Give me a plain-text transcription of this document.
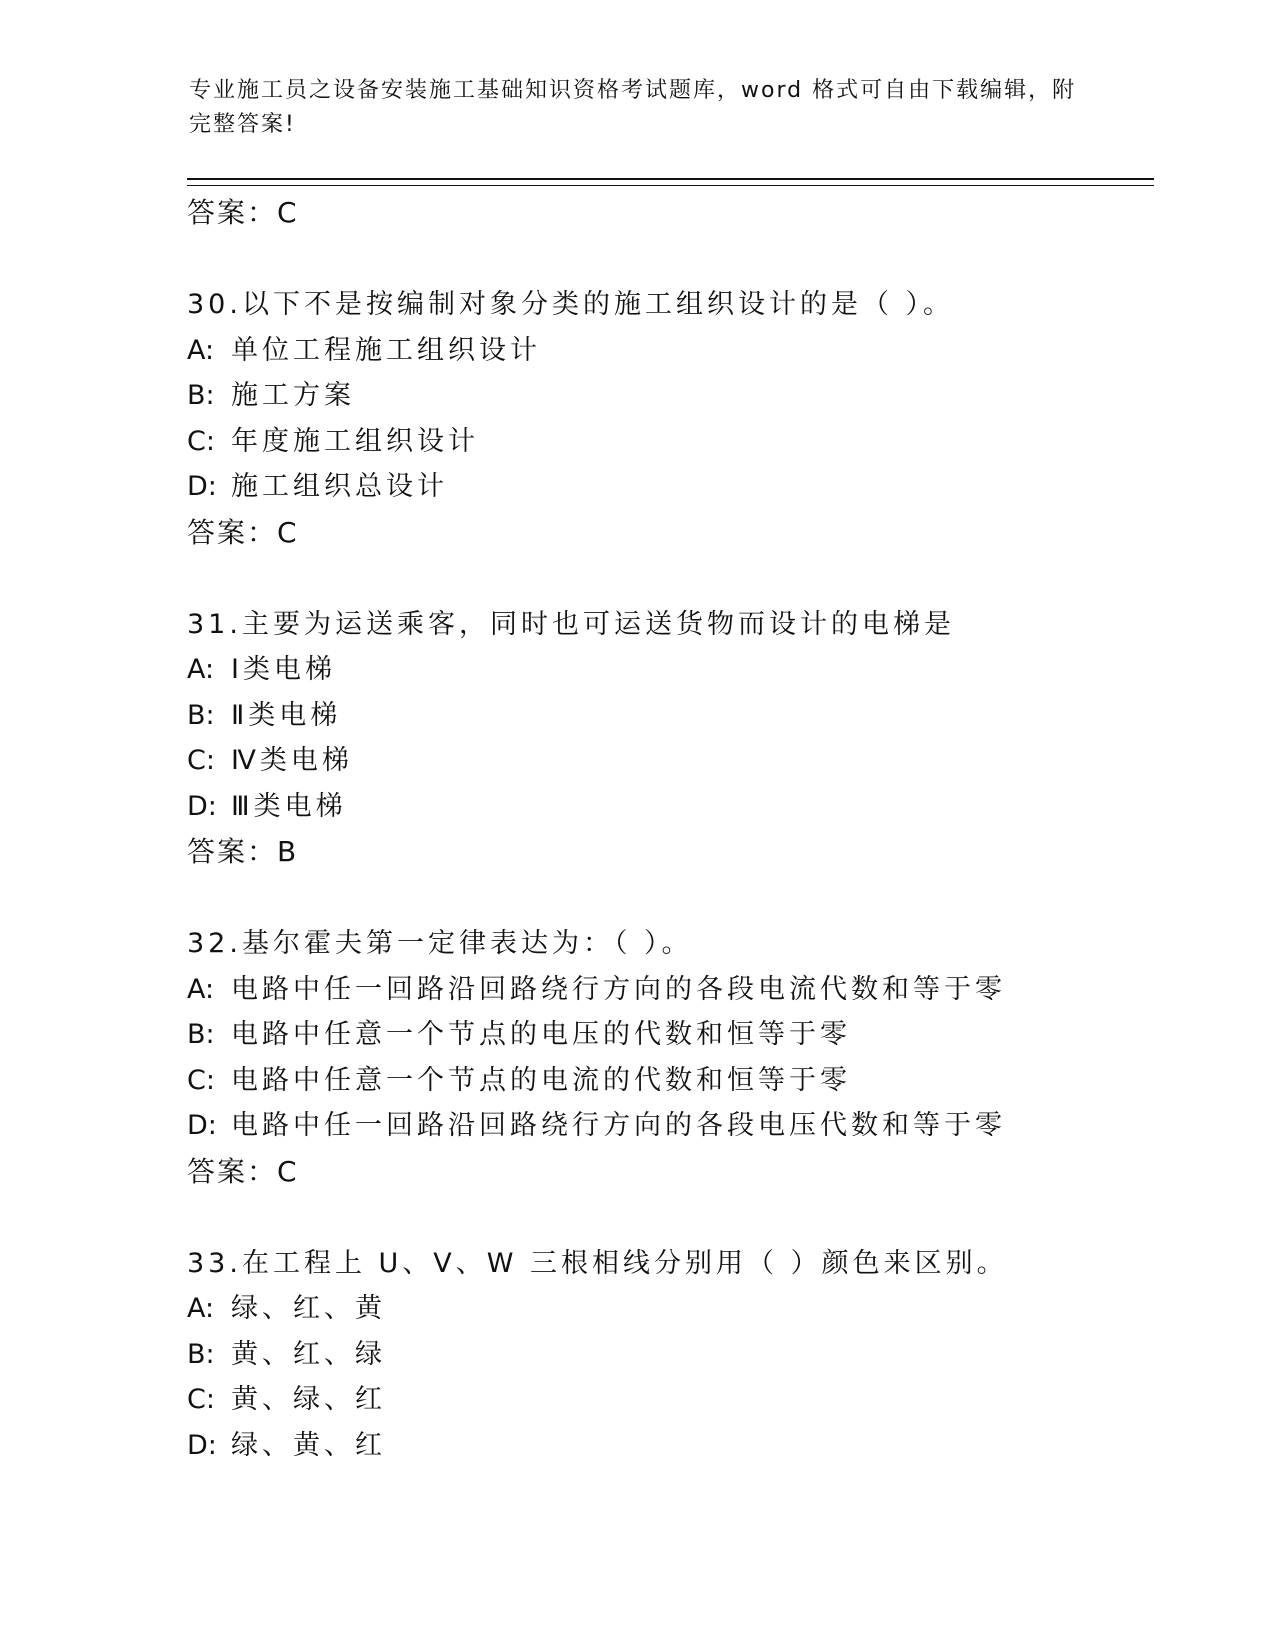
专业施工员之设备安装施工基础知识资格考试题库，word 格式可自由下载编辑，附完整答案!

答案：C

30.以下不是按编制对象分类的施工组织设计的是（ ）。

A: 单位工程施工组织设计

B: 施工方案

C: 年度施工组织设计

D: 施工组织总设计

答案：C

31.主要为运送乘客，同时也可运送货物而设计的电梯是

A: Ⅰ类电梯

B: Ⅱ类电梯

C: Ⅳ类电梯

D: Ⅲ类电梯

答案：B

32.基尔霍夫第一定律表达为：（ ）。

A: 电路中任一回路沿回路绕行方向的各段电流代数和等于零

B: 电路中任意一个节点的电压的代数和恒等于零

C: 电路中任意一个节点的电流的代数和恒等于零

D: 电路中任一回路沿回路绕行方向的各段电压代数和等于零

答案：C

33.在工程上 U、V、W 三根相线分别用（ ）颜色来区别。

A: 绿、红、黄

B: 黄、红、绿

C: 黄、绿、红

D: 绿、黄、红
